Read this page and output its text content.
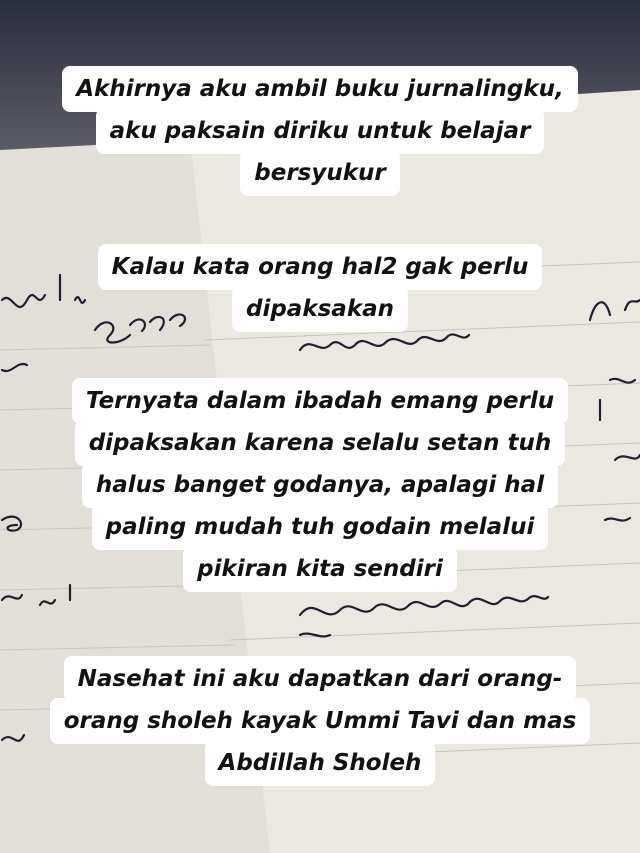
Akhirnya aku ambil buku jurnalingku,
aku paksain diriku untuk belajar
bersyukur
Kalau kata orang hal2 gak perlu
dipaksakan
Ternyata dalam ibadah emang perlu
dipaksakan karena selalu setan tuh
halus banget godanya, apalagi hal
paling mudah tuh godain melalui
pikiran kita sendiri
Nasehat ini aku dapatkan dari orang-
orang sholeh kayak Ummi Tavi dan mas
Abdillah Sholeh
